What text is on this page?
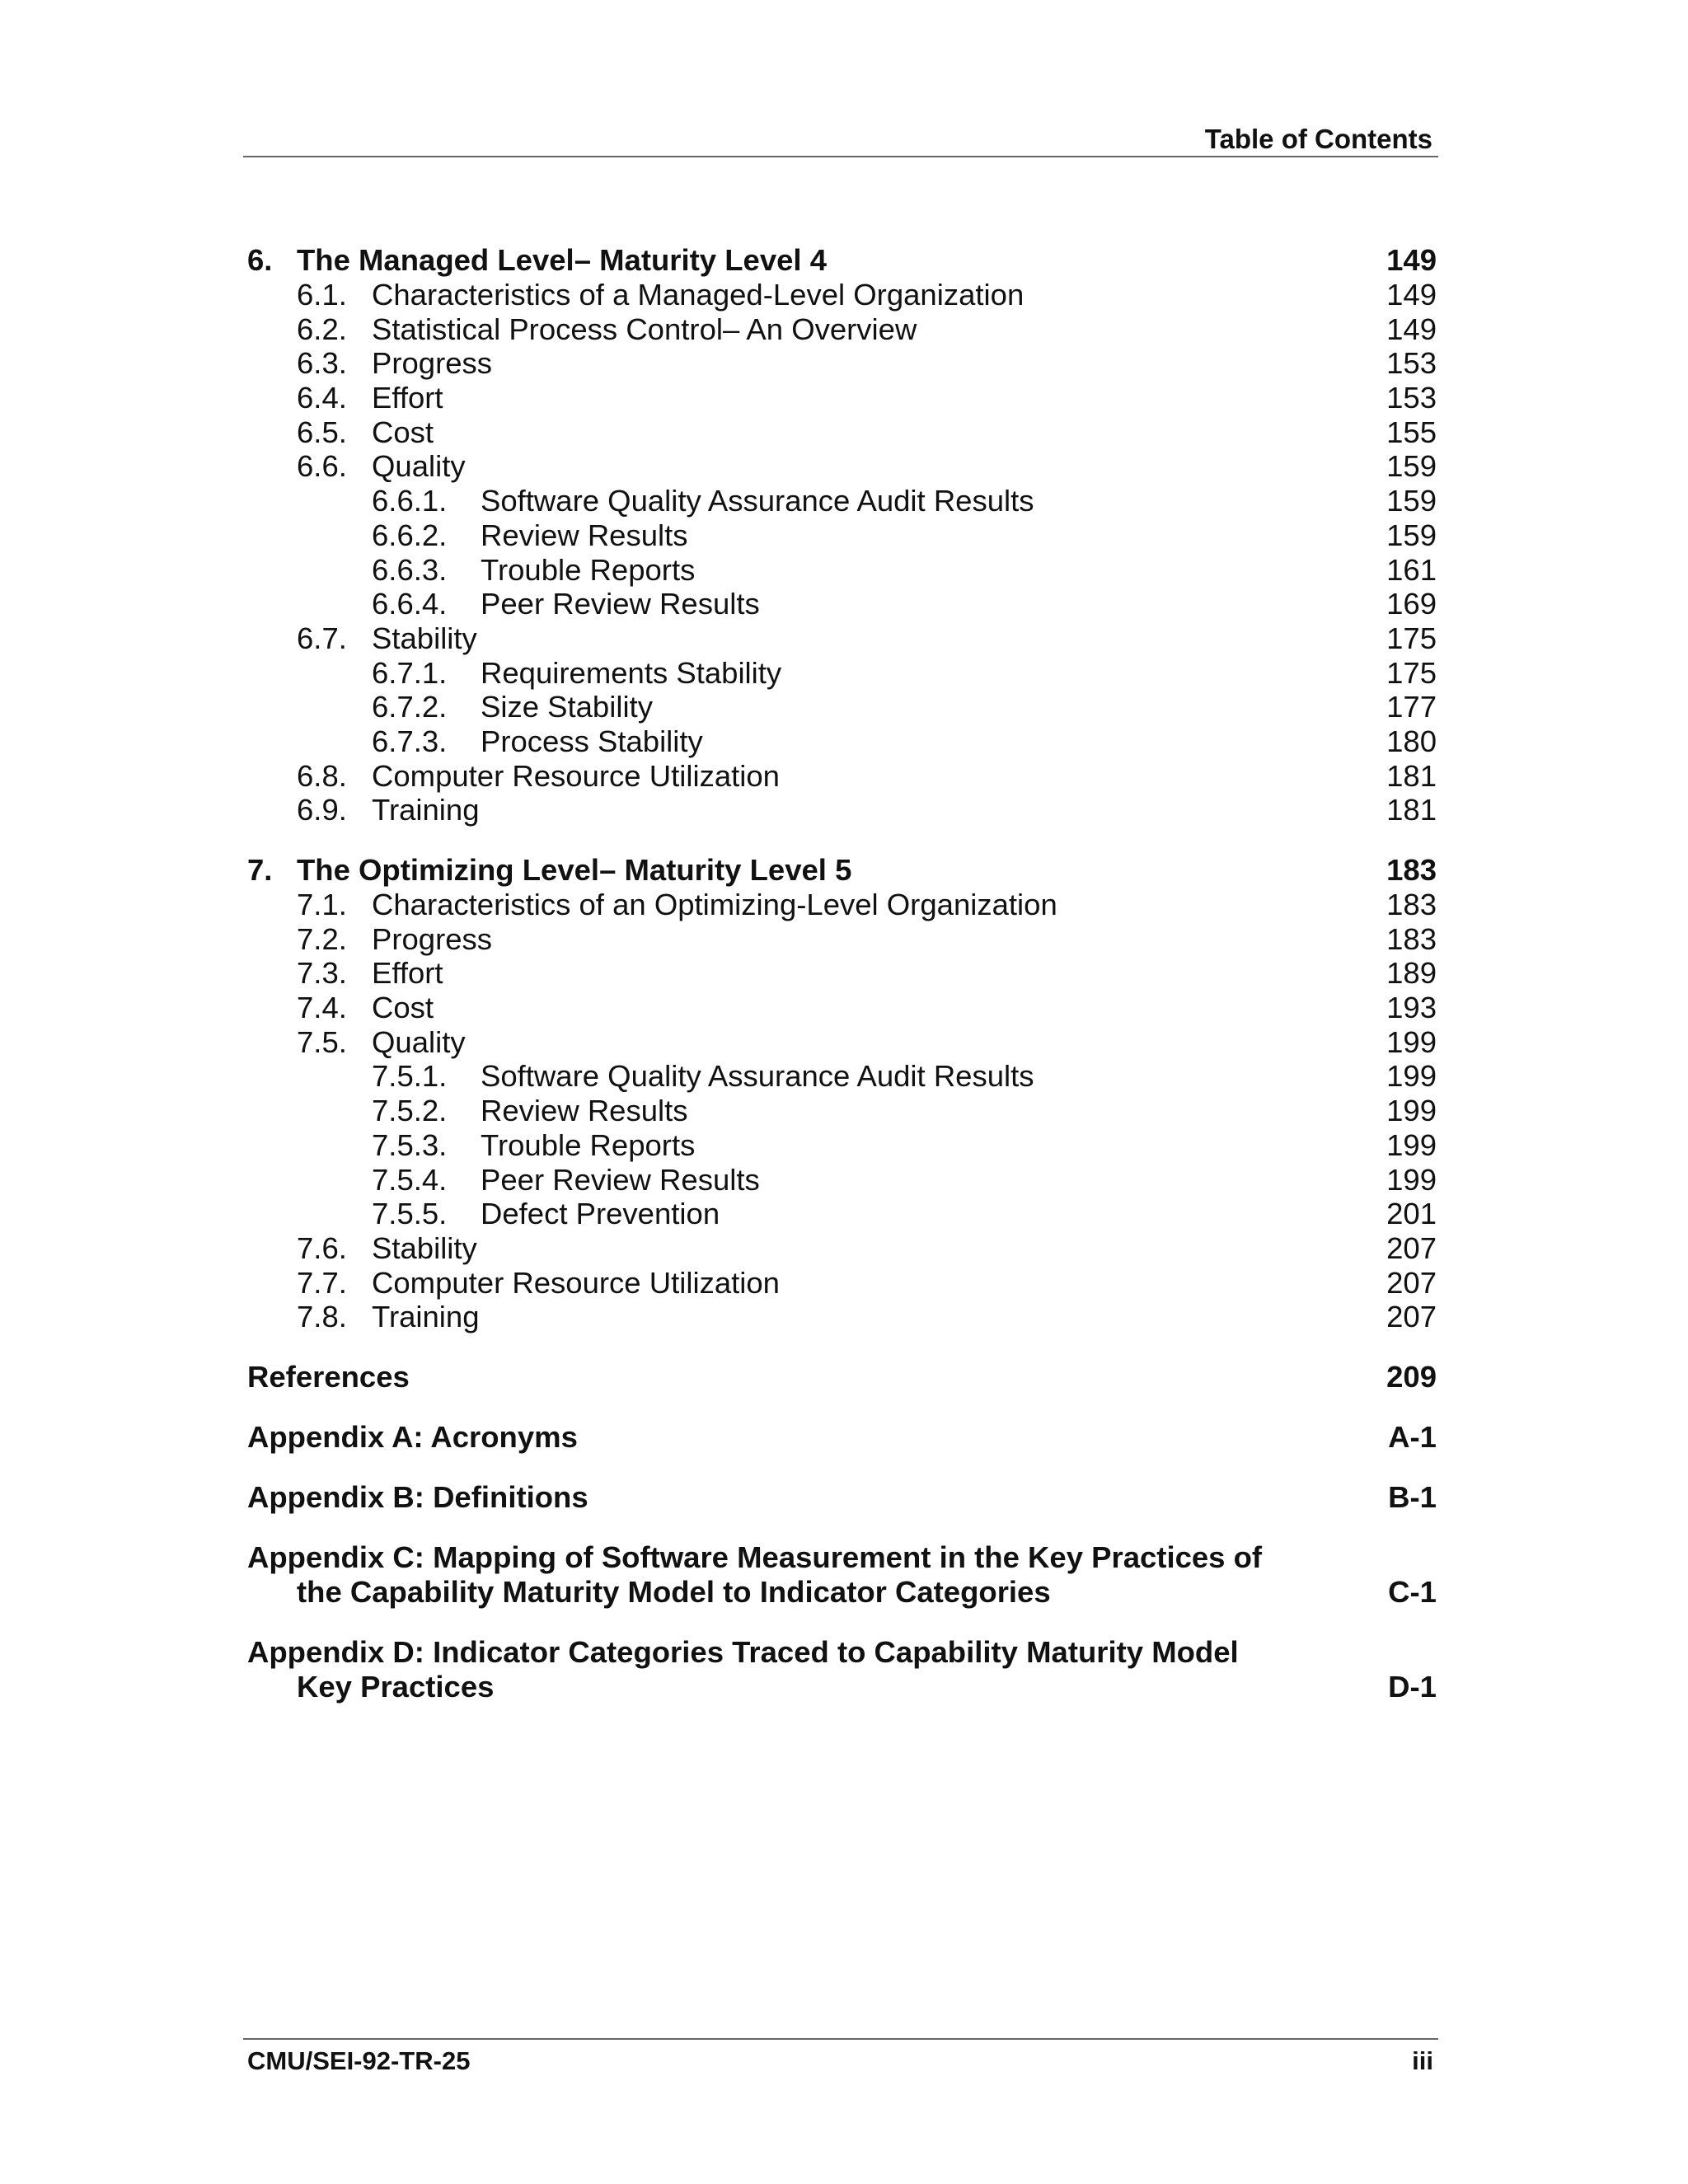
Table of Contents
6. The Managed Level– Maturity Level 4	149
6.1. Characteristics of a Managed-Level Organization	149
6.2. Statistical Process Control– An Overview	149
6.3. Progress	153
6.4. Effort	153
6.5. Cost	155
6.6. Quality	159
6.6.1. Software Quality Assurance Audit Results	159
6.6.2. Review Results	159
6.6.3. Trouble Reports	161
6.6.4. Peer Review Results	169
6.7. Stability	175
6.7.1. Requirements Stability	175
6.7.2. Size Stability	177
6.7.3. Process Stability	180
6.8. Computer Resource Utilization	181
6.9. Training	181
7. The Optimizing Level– Maturity Level 5	183
7.1. Characteristics of an Optimizing-Level Organization	183
7.2. Progress	183
7.3. Effort	189
7.4. Cost	193
7.5. Quality	199
7.5.1. Software Quality Assurance Audit Results	199
7.5.2. Review Results	199
7.5.3. Trouble Reports	199
7.5.4. Peer Review Results	199
7.5.5. Defect Prevention	201
7.6. Stability	207
7.7. Computer Resource Utilization	207
7.8. Training	207
References	209
Appendix A: Acronyms	A-1
Appendix B: Definitions	B-1
Appendix C: Mapping of Software Measurement in the Key Practices of
the Capability Maturity Model to Indicator Categories	C-1
Appendix D: Indicator Categories Traced to Capability Maturity Model
Key Practices	D-1
CMU/SEI-92-TR-25	iii
